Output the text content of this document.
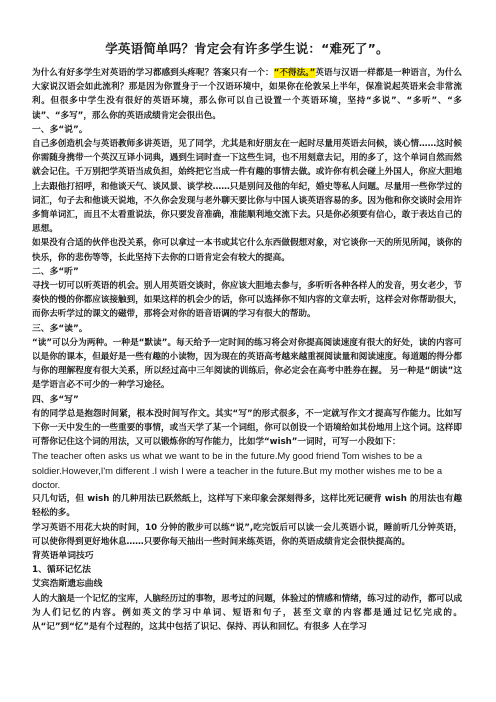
学英语简单吗？肯定会有许多学生说：“难死了”。

为什么有好多学生对英语的学习都感到头疼呢？答案只有一个：“不得法。”英语与汉语一样都是一种语言，为什么大家说汉语会如此流利？那是因为你置身于一个汉语环境中，如果你在伦敦呆上半年，保准说起英语来会非常流利。但很多中学生没有很好的英语环境，那么你可以自己设置一个英语环境，坚持“多说”、“多听”、“多读”、“多写”，那么你的英语成绩肯定会很出色。

一、多“说”。

自己多创造机会与英语教师多讲英语，见了同学，尤其是和好朋友在一起时尽量用英语去问候，谈心情……这时候你需随身携带一个英汉互译小词典，遇到生词时查一下这些生词，也不用刻意去记，用的多了，这个单词自然而然就会记住。千万别把学英语当成负担，始终把它当成一件有趣的事情去做。或许你有机会碰上外国人，你应大胆地上去跟他打招呼，和他谈天气、谈风景、谈学校……只是别问及他的年纪，婚史等私人问题。尽量用一些你学过的词汇，句子去和他谈天说地，不久你会发现与老外聊天要比你与中国人谈英语容易的多。因为他和你交谈时会用许多简单词汇，而且不太看重说法，你只要发音准确，准能顺利地交流下去。只是你必须要有信心，敢于表达自己的思想。

如果没有合适的伙伴也没关系，你可以拿过一本书或其它什么东西做假想对象，对它谈你一天的所见所闻，谈你的快乐，你的悲伤等等，长此坚持下去你的口语肯定会有较大的提高。

二、多“听”

寻找一切可以听英语的机会。别人用英语交谈时，你应该大胆地去参与，多听听各种各样人的发音，男女老少，节奏快的慢的你都应该接触到，如果这样的机会少的话，你可以选择你不知内容的文章去听，这样会对你帮助很大，而你去听学过的课文的磁带，那将会对你的语音语调的学习有很大的帮助。

三、多“读”。

“读”可以分为两种。一种是“默读”。每天给予一定时间的练习将会对你提高阅读速度有很大的好处，读的内容可以是你的课本，但最好是一些有趣的小读物，因为现在的英语高考越来越重视阅读量和阅读速度。每道题的得分都与你的理解程度有很大关系，所以经过高中三年阅读的训练后，你必定会在高考中胜券在握。 另一种是“朗读”这是学语言必不可少的一种学习途径。

四、多“写”

有的同学总是抱怨时间紧，根本没时间写作文。其实“写”的形式很多，不一定就写作文才提高写作能力。比如写下你一天中发生的一些重要的事情，或当天学了某一个词组，你可以创设一个语境给如其份地用上这个词。这样即可帮你记住这个词的用法，又可以锻炼你的写作能力，比如学“wish”一词时，可写一小段如下：

The teacher often asks us what we want to be in the future.My good friend Tom wishes to be a soldier.However,I'm different .I wish I were a teacher in the future.But my mother wishes me to be a doctor.

只几句话，但 wish 的几种用法已跃然纸上，这样写下来印象会深刻得多，这样比死记硬背 wish 的用法也有趣轻松的多。

学习英语不用花大块的时间，10 分钟的散步可以练“说”,吃完饭后可以读一会儿英语小说，睡前听几分钟英语，可以使你得到更好地休息……只要你每天抽出一些时间来练英语，你的英语成绩肯定会很快提高的。

背英语单词技巧

1、循环记忆法

艾宾浩斯遗忘曲线

人的大脑是一个记忆的宝库，人脑经历过的事物，思考过的问题，体验过的情感和情绪，练习过的动作，都可以成为人们记忆的内容。例如英文的学习中单词、短语和句子，甚至文章的内容都是通过记忆完成的。从“记”到“忆”是有个过程的，这其中包括了识记、保持、再认和回忆。有很多 人在学习
